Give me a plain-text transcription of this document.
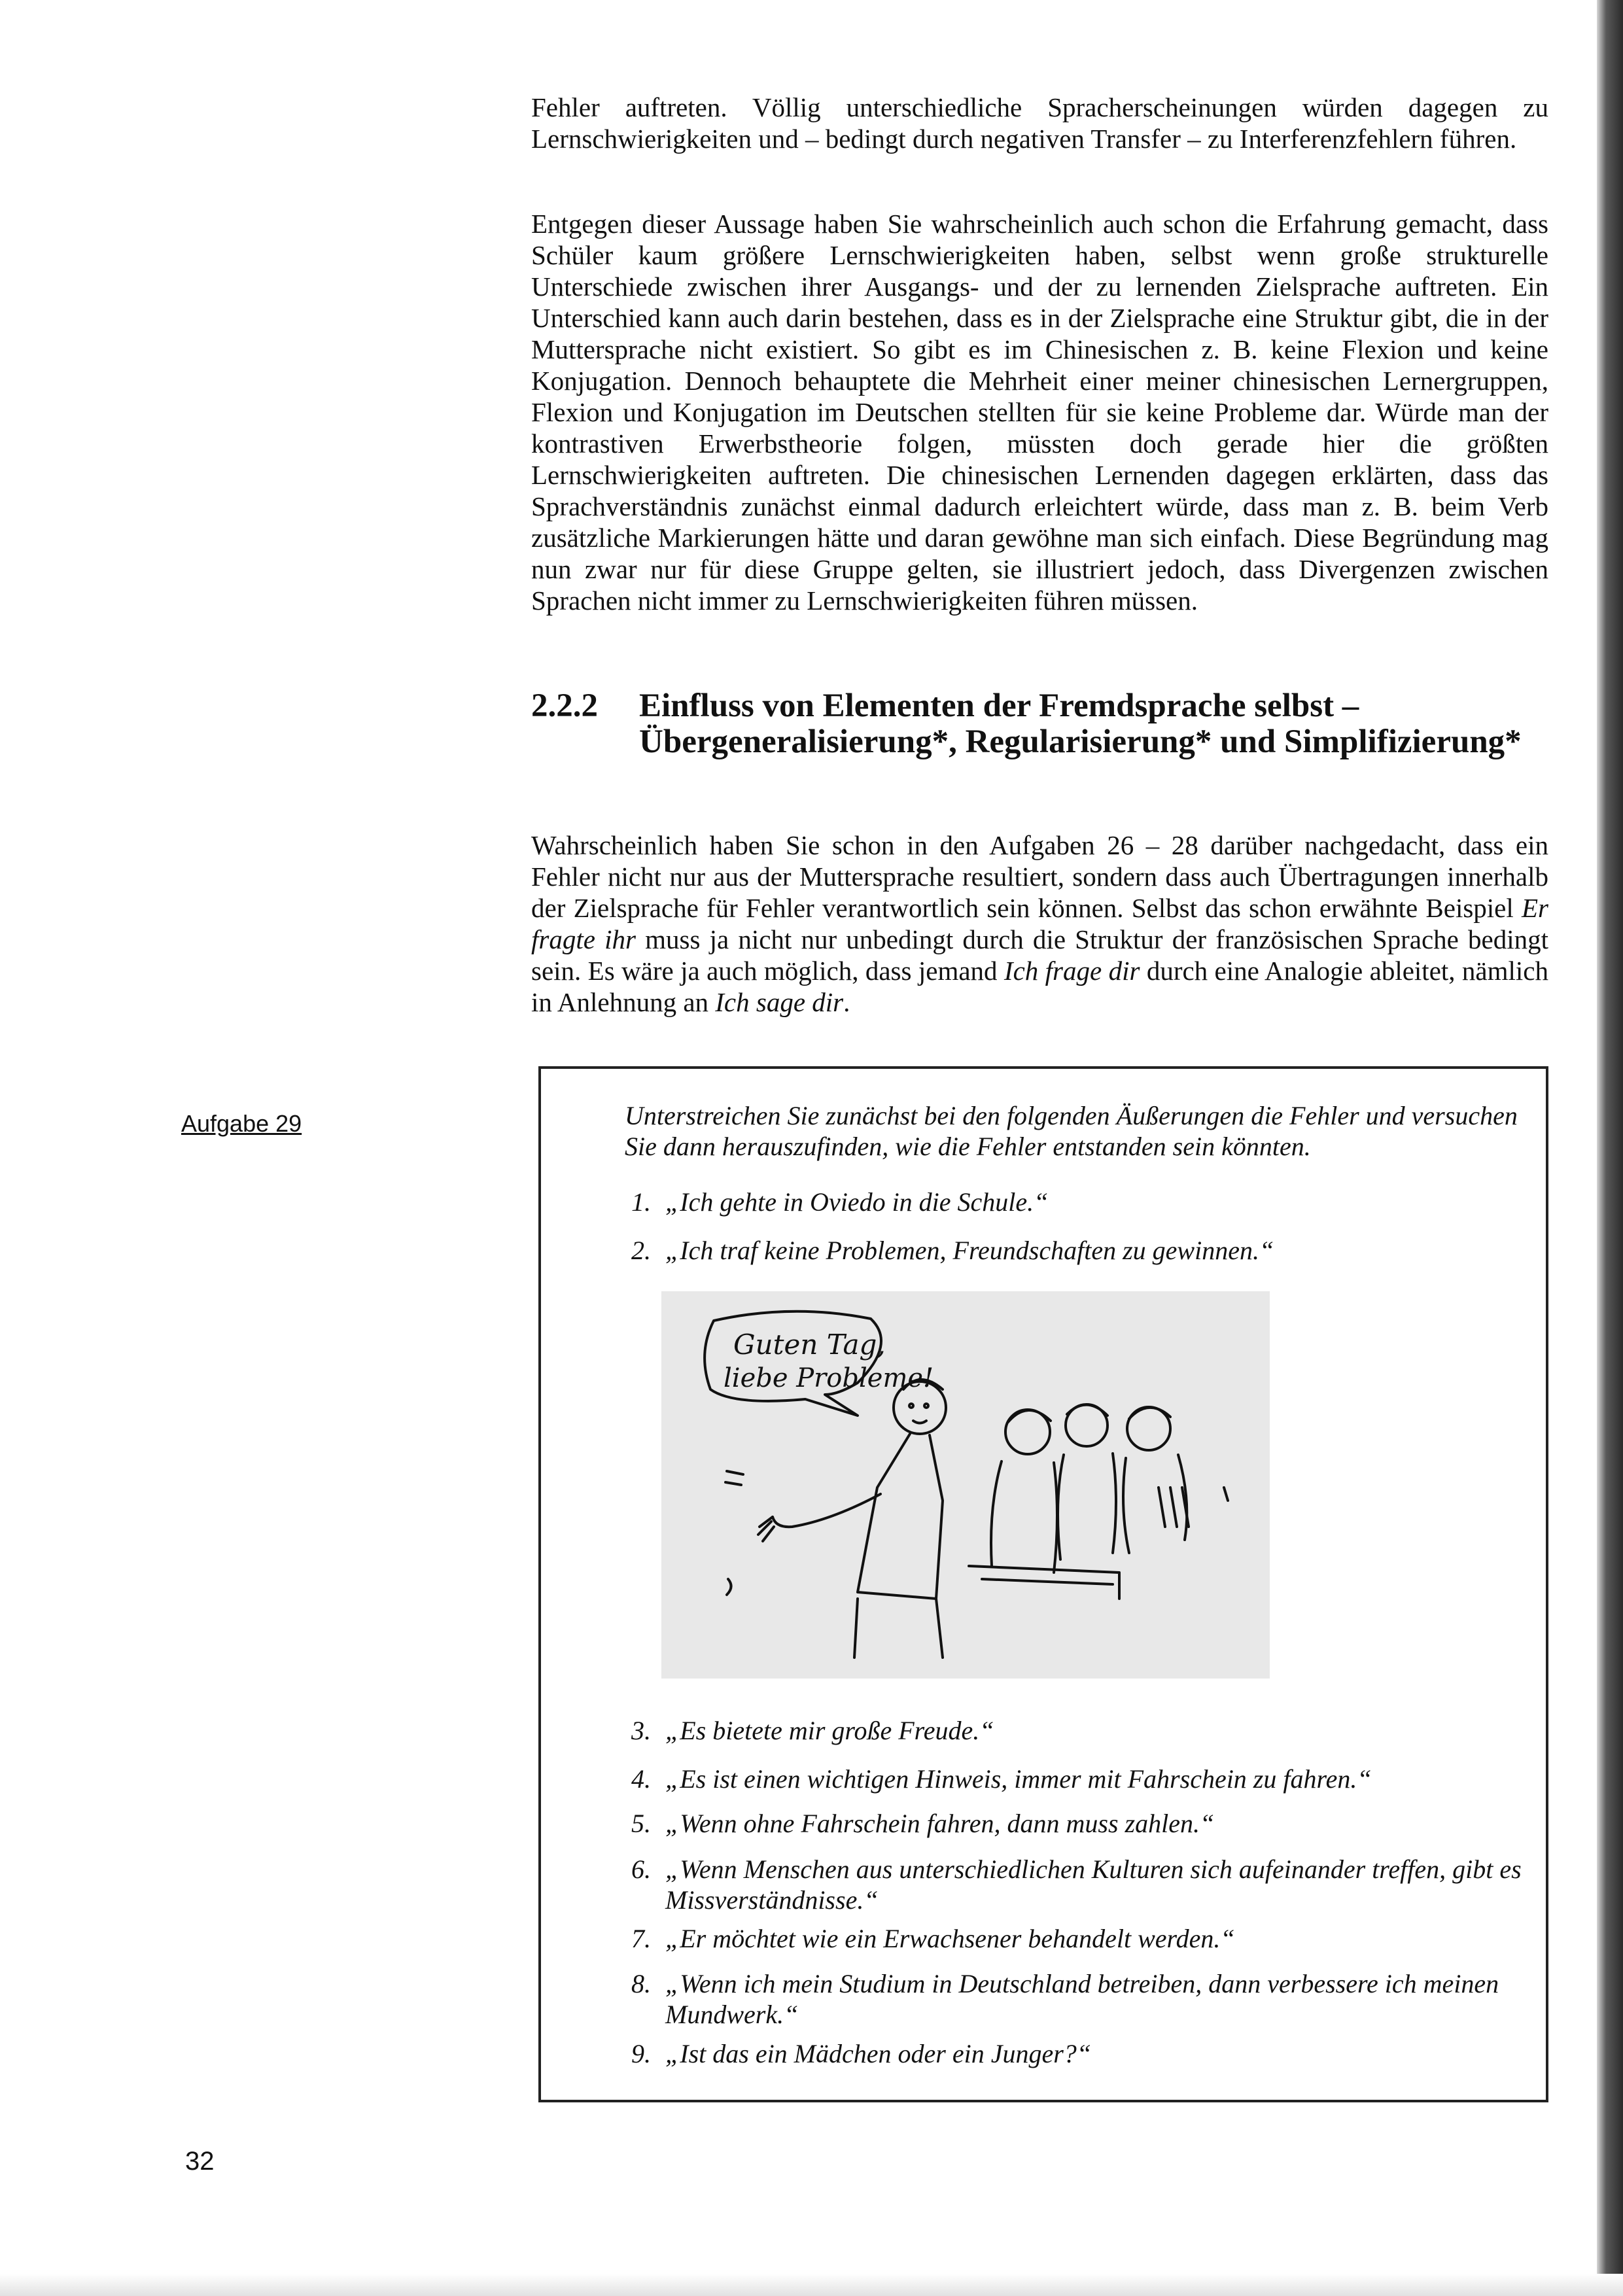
Fehler auftreten. Völlig unterschiedliche Spracherscheinungen würden dagegen zu Lernschwierigkeiten und – bedingt durch negativen Transfer – zu Interferenzfehlern führen.

Entgegen dieser Aussage haben Sie wahrscheinlich auch schon die Erfahrung gemacht, dass Schüler kaum größere Lernschwierigkeiten haben, selbst wenn große strukturelle Unterschiede zwischen ihrer Ausgangs- und der zu lernenden Zielsprache auftreten. Ein Unterschied kann auch darin bestehen, dass es in der Zielsprache eine Struktur gibt, die in der Muttersprache nicht existiert. So gibt es im Chinesischen z. B. keine Flexion und keine Konjugation. Dennoch behauptete die Mehrheit einer meiner chinesischen Lernergruppen, Flexion und Konjugation im Deutschen stellten für sie keine Probleme dar. Würde man der kontrastiven Erwerbstheorie folgen, müssten doch gerade hier die größten Lernschwierigkeiten auftreten. Die chinesischen Lernenden dagegen erklärten, dass das Sprachverständnis zunächst einmal dadurch erleichtert würde, dass man z. B. beim Verb zusätzliche Markierungen hätte und daran gewöhne man sich einfach. Diese Begründung mag nun zwar nur für diese Gruppe gelten, sie illustriert jedoch, dass Divergenzen zwischen Sprachen nicht immer zu Lernschwierigkeiten führen müssen.

2.2.2 Einfluss von Elementen der Fremdsprache selbst – Übergeneralisierung*, Regularisierung* und Simplifizierung*

Wahrscheinlich haben Sie schon in den Aufgaben 26 – 28 darüber nachgedacht, dass ein Fehler nicht nur aus der Muttersprache resultiert, sondern dass auch Übertragungen innerhalb der Zielsprache für Fehler verantwortlich sein können. Selbst das schon erwähnte Beispiel Er fragte ihr muss ja nicht nur unbedingt durch die Struktur der französischen Sprache bedingt sein. Es wäre ja auch möglich, dass jemand Ich frage dir durch eine Analogie ableitet, nämlich in Anlehnung an Ich sage dir.

Aufgabe 29	Unterstreichen Sie zunächst bei den folgenden Äußerungen die Fehler und versuchen Sie dann herauszufinden, wie die Fehler entstanden sein könnten.
1. „Ich gehte in Oviedo in die Schule.“
2. „Ich traf keine Problemen, Freundschaften zu gewinnen.“
Guten Tag,
liebe Probleme!
3. „Es bietete mir große Freude.“
4. „Es ist einen wichtigen Hinweis, immer mit Fahrschein zu fahren.“
5. „Wenn ohne Fahrschein fahren, dann muss zahlen.“
6. „Wenn Menschen aus unterschiedlichen Kulturen sich aufeinander treffen, gibt es Missverständnisse.“
7. „Er möchtet wie ein Erwachsener behandelt werden.“
8. „Wenn ich mein Studium in Deutschland betreiben, dann verbessere ich meinen Mundwerk.“
9. „Ist das ein Mädchen oder ein Junger?“
32
